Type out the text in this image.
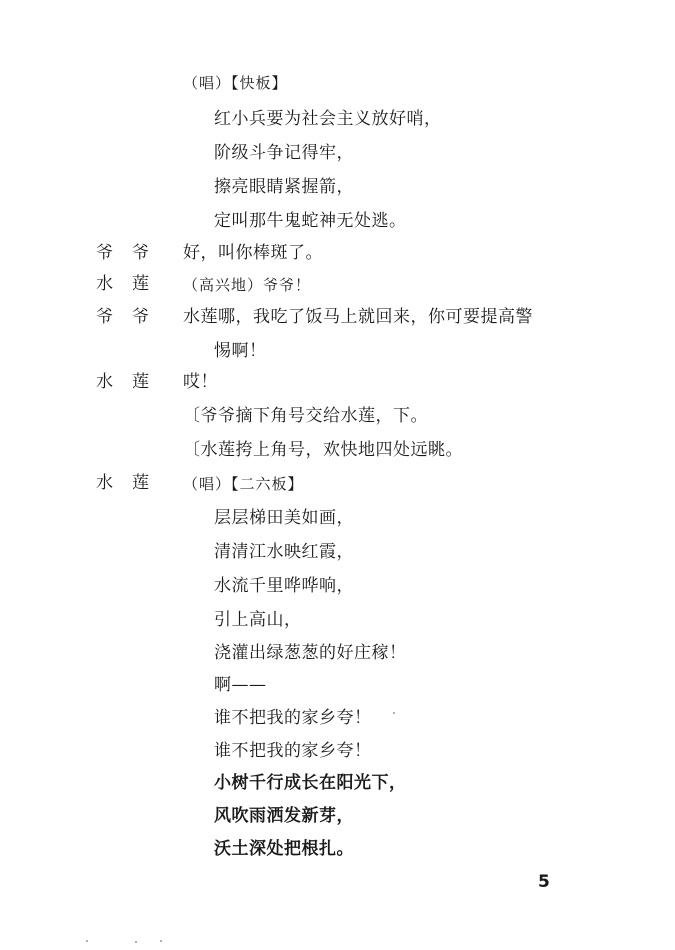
（唱）【快板】
红小兵要为社会主义放好哨，
阶级斗争记得牢，
擦亮眼睛紧握箭，
定叫那牛鬼蛇神无处逃。
爷 爷 好，叫你棒斑了。
水 莲 （高兴地）爷爷！
爷 爷 水莲哪，我吃了饭马上就回来，你可要提高警
惕啊！
水 莲 哎！
〔爷爷摘下角号交给水莲，下。
〔水莲挎上角号，欢快地四处远眺。
水 莲 （唱）【二六板】
层层梯田美如画，
清清江水映红霞，
水流千里哗哗响，
引上高山，
浇灌出绿葱葱的好庄稼！
啊——
谁不把我的家乡夸！
谁不把我的家乡夸！
小树千行成长在阳光下，
风吹雨洒发新芽，
沃土深处把根扎。
5
